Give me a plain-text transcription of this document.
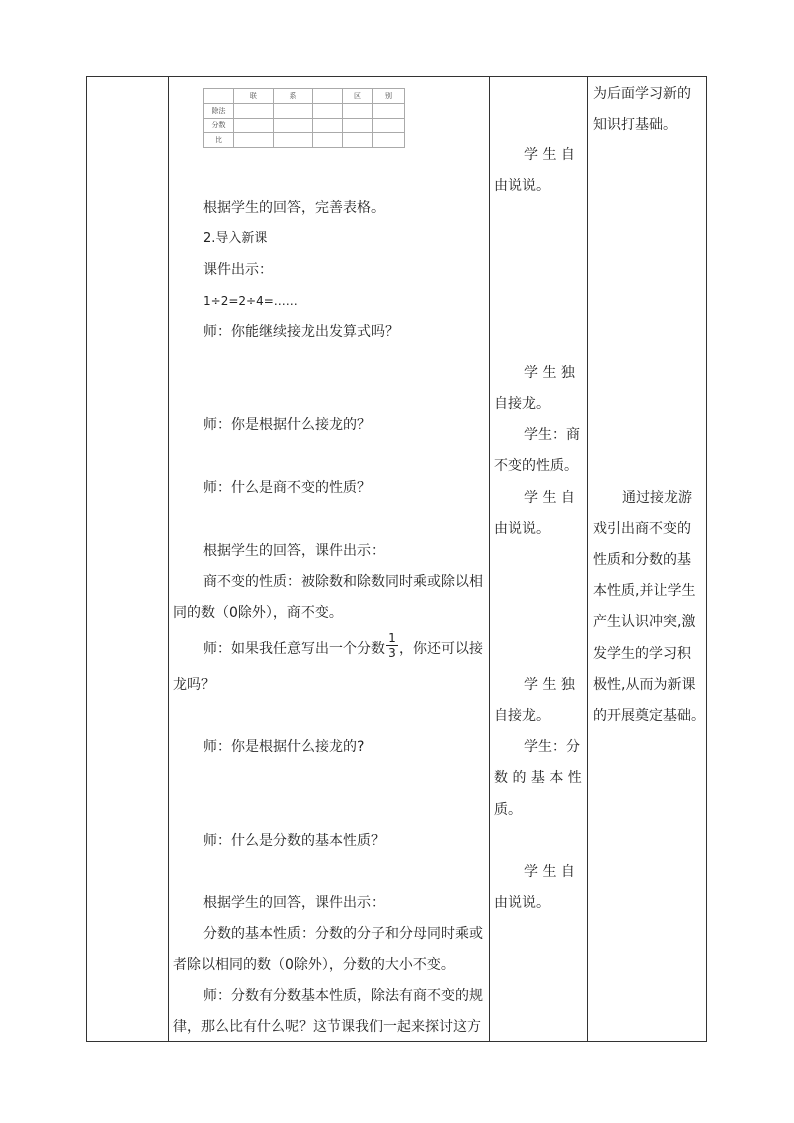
	联	系		区	别
除法					
分数					
比					
根据学生的回答，完善表格。
2.导入新课
课件出示：
1÷2=2÷4=……
师：你能继续接龙出发算式吗？
师：你是根据什么接龙的？
师：什么是商不变的性质？
根据学生的回答，课件出示：
商不变的性质：被除数和除数同时乘或除以相
同的数（0除外），商不变。
师：如果我任意写出一个分数 $\frac{1}{3}$ ，你还可以接
龙吗？
师：你是根据什么接龙的?
师：什么是分数的基本性质？
根据学生的回答，课件出示：
分数的基本性质：分数的分子和分母同时乘或
者除以相同的数（0除外），分数的大小不变。
师：分数有分数基本性质，除法有商不变的规
律，那么比有什么呢？这节课我们一起来探讨这方
学 生 自
由说说。
学 生 独
自接龙。
学生：商
不变的性质。
学 生 自
由说说。
学 生 独
自接龙。
学生：分
数 的 基 本 性
质。
学 生 自
由说说。
为后面学习新的
知识打基础。
通过接龙游
戏引出商不变的
性质和分数的基
本性质,并让学生
产生认识冲突,激
发学生的学习积
极性,从而为新课
的开展奠定基础。
